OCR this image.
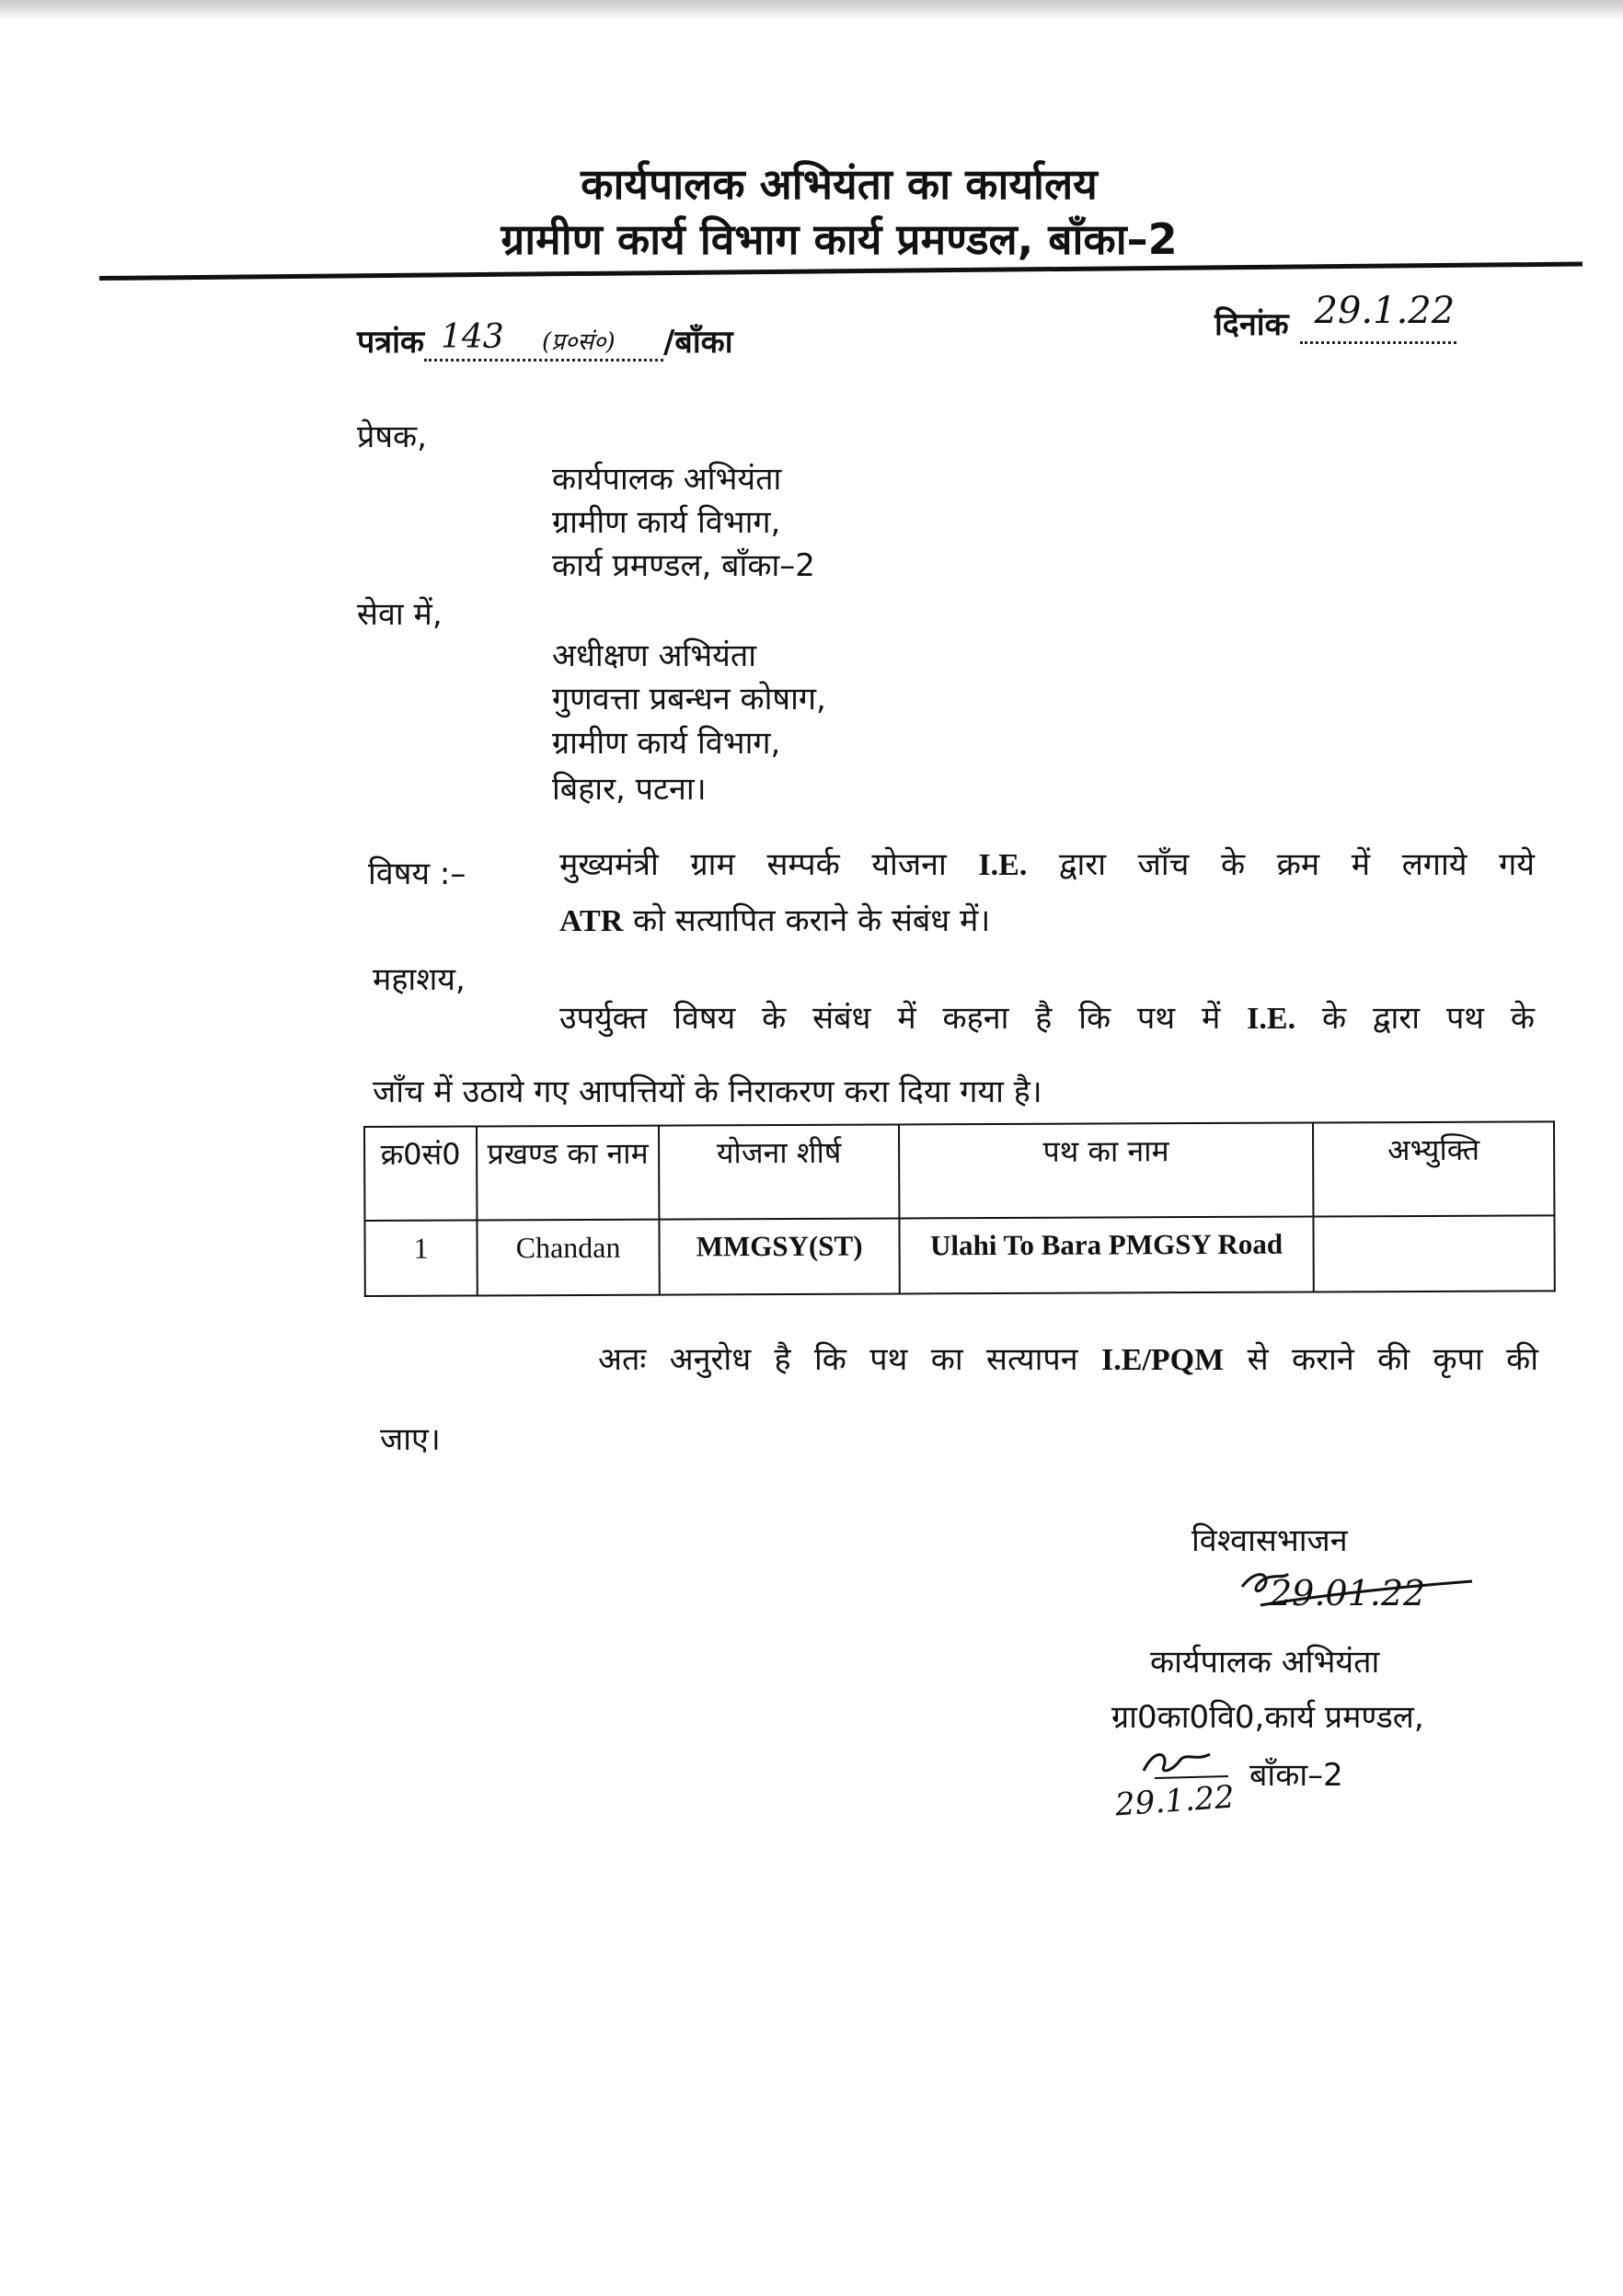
कार्यपालक अभियंता का कार्यालय
ग्रामीण कार्य विभाग कार्य प्रमण्डल, बाँका–2
पत्रांक 143 (प्र०सं०) /बाँका	दिनांक 29.1.22
प्रेषक,
कार्यपालक अभियंता
ग्रामीण कार्य विभाग,
कार्य प्रमण्डल, बाँका–2
सेवा में,
अधीक्षण अभियंता
गुणवत्ता प्रबन्धन कोषाग,
ग्रामीण कार्य विभाग,
बिहार, पटना।
विषय :–	मुख्यमंत्री ग्राम सम्पर्क योजना I.E. द्वारा जाँच के क्रम में लगाये गये
ATR को सत्यापित कराने के संबंध में।
महाशय,
उपर्युक्त विषय के संबंध में कहना है कि पथ में I.E. के द्वारा पथ के
जाँच में उठाये गए आपत्तियों के निराकरण करा दिया गया है।
क्र0सं0	प्रखण्ड का नाम	योजना शीर्ष	पथ का नाम	अभ्युक्ति
1	Chandan	MMGSY(ST)	Ulahi To Bara PMGSY Road	
अतः अनुरोध है कि पथ का सत्यापन I.E/PQM से कराने की कृपा की
जाए।
विश्वासभाजन
29.01.22
कार्यपालक अभियंता
ग्रा0का0वि0,कार्य प्रमण्डल,
बाँका–2
29.1.22
